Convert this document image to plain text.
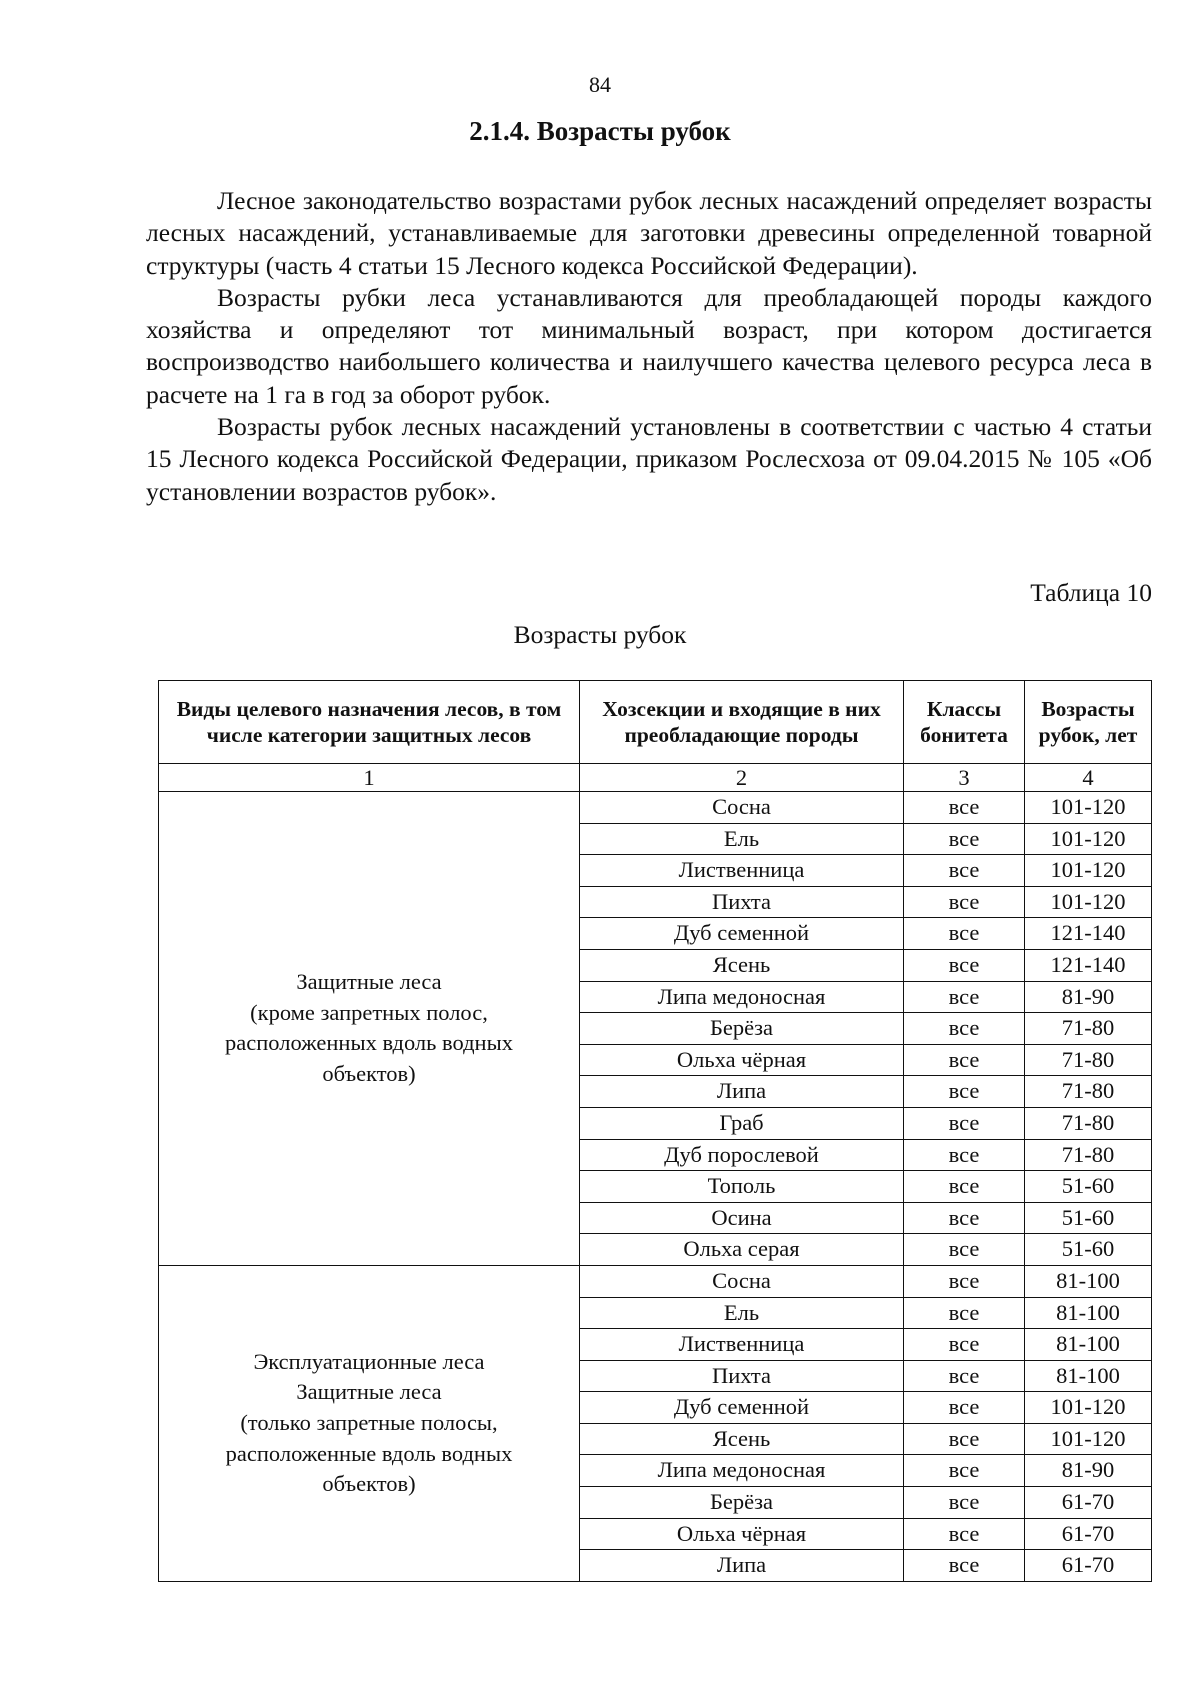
84
2.1.4. Возрасты рубок

Лесное законодательство возрастами рубок лесных насаждений определяет возрасты лесных насаждений, устанавливаемые для заготовки древесины определенной товарной структуры (часть 4 статьи 15 Лесного кодекса Российской Федерации).

Возрасты рубки леса устанавливаются для преобладающей породы каждого хозяйства и определяют тот минимальный возраст, при котором достигается воспроизводство наибольшего количества и наилучшего качества целевого ресурса леса в расчете на 1 га в год за оборот рубок.

Возрасты рубок лесных насаждений установлены в соответствии с частью 4 статьи 15 Лесного кодекса Российской Федерации, приказом Рослесхоза от 09.04.2015 № 105 «Об установлении возрастов рубок».

Таблица 10
Возрасты рубок
Виды целевого назначения лесов, в том числе категории защитных лесов	Хозсекции и входящие в них преобладающие породы	Классы бонитета	Возрасты рубок, лет
1	2	3	4

Защитные леса
(кроме запретных полос,
расположенных вдоль водных
объектов)	Сосна	все	101-120
	Ель	все	101-120
	Лиственница	все	101-120
	Пихта	все	101-120
	Дуб семенной	все	121-140
	Ясень	все	121-140
	Липа медоносная	все	81-90
	Берёза	все	71-80
	Ольха чёрная	все	71-80
	Липа	все	71-80
	Граб	все	71-80
	Дуб порослевой	все	71-80
	Тополь	все	51-60
	Осина	все	51-60
	Ольха серая	все	51-60

Эксплуатационные леса
Защитные леса
(только запретные полосы,
расположенные вдоль водных
объектов)	Сосна	все	81-100
	Ель	все	81-100
	Лиственница	все	81-100
	Пихта	все	81-100
	Дуб семенной	все	101-120
	Ясень	все	101-120
	Липа медоносная	все	81-90
	Берёза	все	61-70
	Ольха чёрная	все	61-70
	Липа	все	61-70
